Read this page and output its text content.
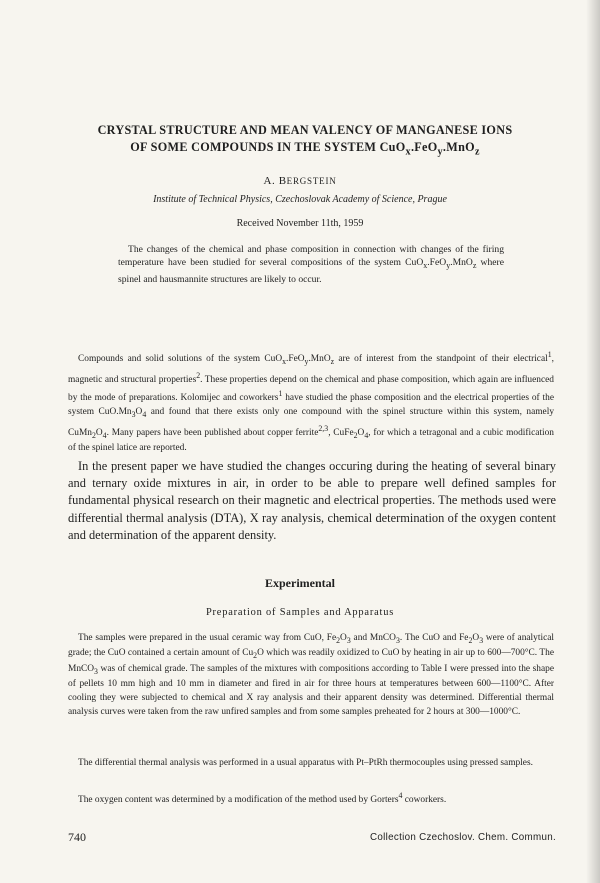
CRYSTAL STRUCTURE AND MEAN VALENCY OF MANGANESE IONS
OF SOME COMPOUNDS IN THE SYSTEM CuO$_x$.FeO$_y$.MnO$_z$
A. BERGSTEIN
Institute of Technical Physics, Czechoslovak Academy of Science, Prague
Received November 11th, 1959
The changes of the chemical and phase composition in connection with changes of the firing temperature have been studied for several compositions of the system CuO$_x$.FeO$_y$.MnO$_z$ where spinel and hausmannite structures are likely to occur.
Compounds and solid solutions of the system CuO$_x$.FeO$_y$.MnO$_z$ are of interest from the standpoint of their electrical$^1$, magnetic and structural properties$^2$. These properties depend on the chemical and phase composition, which again are influenced by the mode of preparations. Kolomijec and coworkers$^1$ have studied the phase composition and the electrical properties of the system $CuO.Mn_3O_4$ and found that there exists only one compound with the spinel structure within this system, namely $CuMn_2O_4$. Many papers have been published about copper ferrite$^{2,3}$, $CuFe_2O_4$, for which a tetragonal and a cubic modification of the spinel latice are reported.
In the present paper we have studied the changes occuring during the heating of several binary and ternary oxide mixtures in air, in order to be able to prepare well defined samples for fundamental physical research on their magnetic and electrical properties. The methods used were differential thermal analysis (DTA), X ray analysis, chemical determination of the oxygen content and determination of the apparent density.
Experimental
Preparation of Samples and Apparatus
The samples were prepared in the usual ceramic way from CuO, $Fe_2O_3$ and MnCO$_3$. The CuO and $Fe_2O_3$ were of analytical grade; the CuO contained a certain amount of $Cu_2O$ which was readily oxidized to CuO by heating in air up to 600—700°C. The MnCO$_3$ was of chemical grade. The samples of the mixtures with compositions according to Table I were pressed into the shape of pellets 10 mm high and 10 mm in diameter and fired in air for three hours at temperatures between 600—1100°C. After cooling they were subjected to chemical and X ray analysis and their apparent density was determined. Differential thermal analysis curves were taken from the raw unfired samples and from some samples preheated for 2 hours at 300—1000°C.
The differential thermal analysis was performed in a usual apparatus with Pt–PtRh thermocouples using pressed samples.
The oxygen content was determined by a modification of the method used by Gorters$^4$ coworkers.
740	Collection Czechoslov. Chem. Commun.
